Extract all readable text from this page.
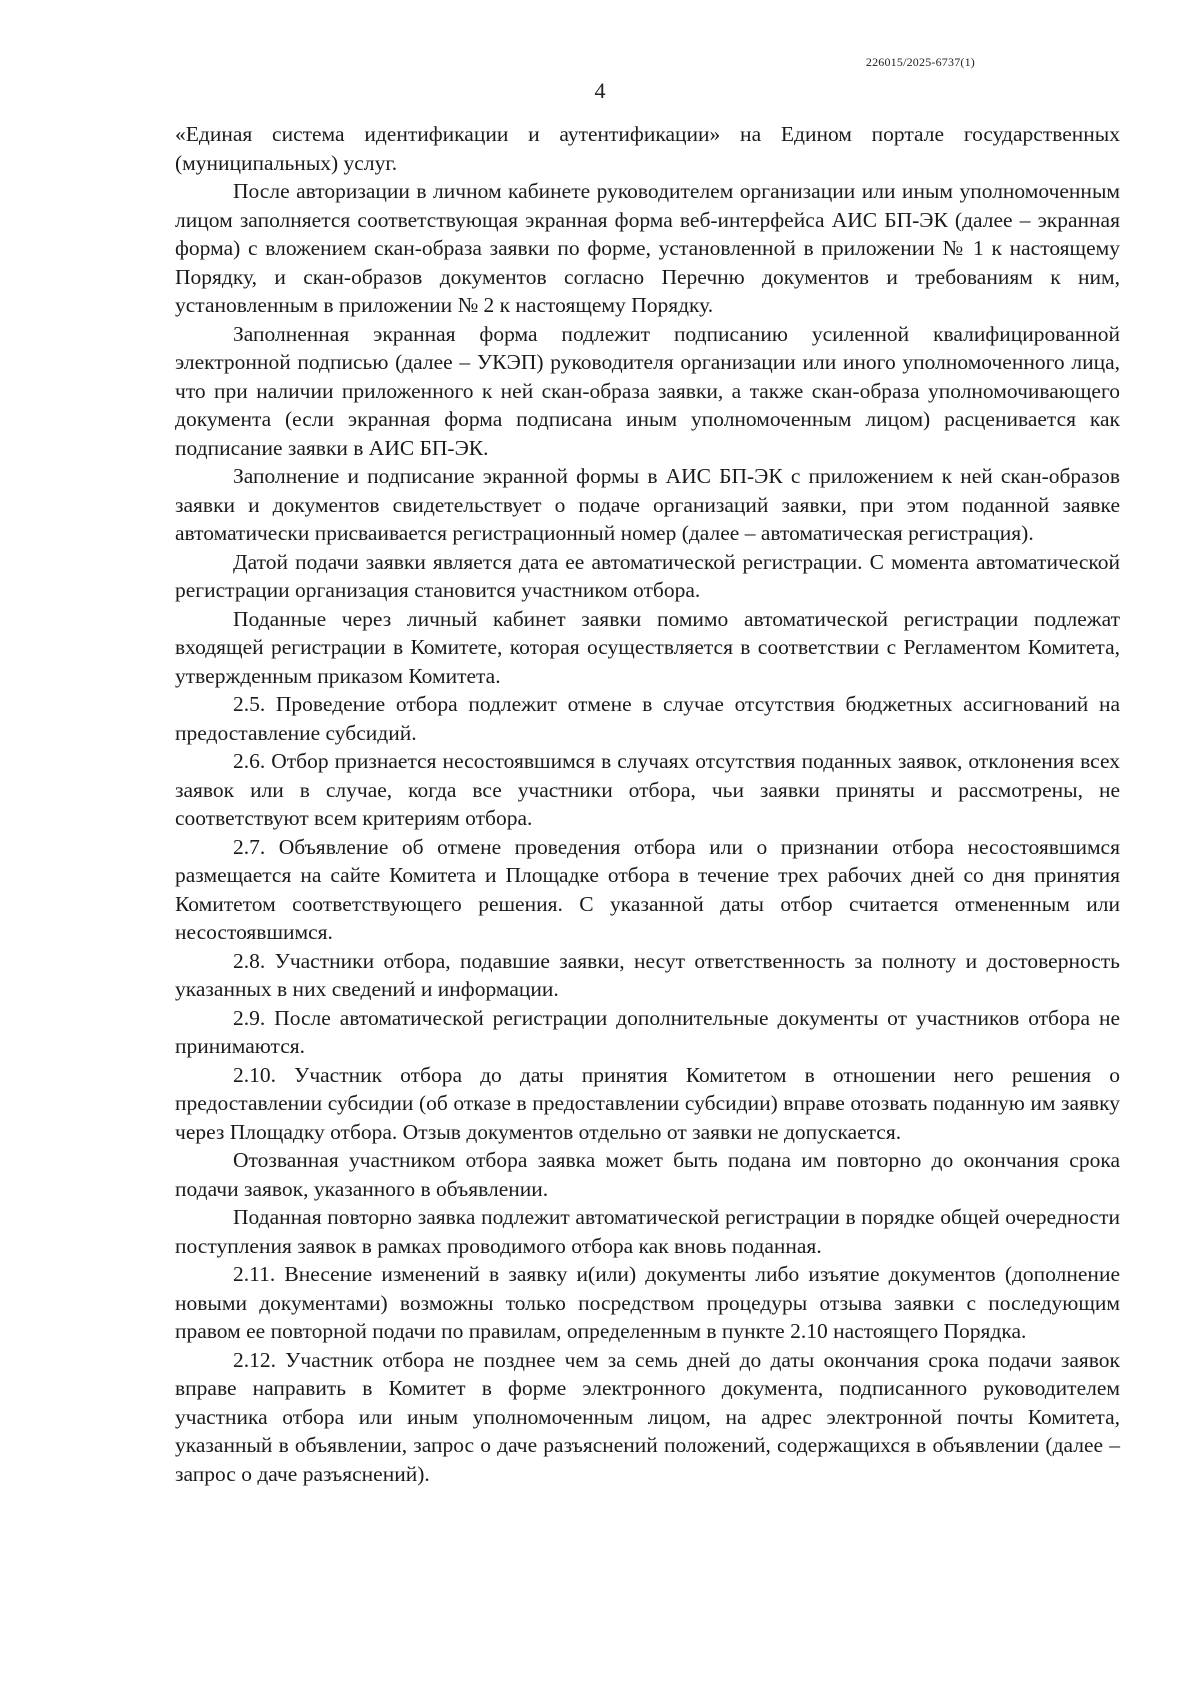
226015/2025-6737(1)
4

«Единая система идентификации и аутентификации» на Едином портале государственных (муниципальных) услуг.

После авторизации в личном кабинете руководителем организации или иным уполномоченным лицом заполняется соответствующая экранная форма веб-интерфейса АИС БП-ЭК (далее – экранная форма) с вложением скан-образа заявки по форме, установленной в приложении № 1 к настоящему Порядку, и скан-образов документов согласно Перечню документов и требованиям к ним, установленным в приложении № 2 к настоящему Порядку.

Заполненная экранная форма подлежит подписанию усиленной квалифицированной электронной подписью (далее – УКЭП) руководителя организации или иного уполномоченного лица, что при наличии приложенного к ней скан-образа заявки, а также скан-образа уполномочивающего документа (если экранная форма подписана иным уполномоченным лицом) расценивается как подписание заявки в АИС БП-ЭК.

Заполнение и подписание экранной формы в АИС БП-ЭК с приложением к ней скан-образов заявки и документов свидетельствует о подаче организаций заявки, при этом поданной заявке автоматически присваивается регистрационный номер (далее – автоматическая регистрация).

Датой подачи заявки является дата ее автоматической регистрации. С момента автоматической регистрации организация становится участником отбора.

Поданные через личный кабинет заявки помимо автоматической регистрации подлежат входящей регистрации в Комитете, которая осуществляется в соответствии с Регламентом Комитета, утвержденным приказом Комитета.

2.5. Проведение отбора подлежит отмене в случае отсутствия бюджетных ассигнований на предоставление субсидий.

2.6. Отбор признается несостоявшимся в случаях отсутствия поданных заявок, отклонения всех заявок или в случае, когда все участники отбора, чьи заявки приняты и рассмотрены, не соответствуют всем критериям отбора.

2.7. Объявление об отмене проведения отбора или о признании отбора несостоявшимся размещается на сайте Комитета и Площадке отбора в течение трех рабочих дней со дня принятия Комитетом соответствующего решения. С указанной даты отбор считается отмененным или несостоявшимся.

2.8. Участники отбора, подавшие заявки, несут ответственность за полноту и достоверность указанных в них сведений и информации.

2.9. После автоматической регистрации дополнительные документы от участников отбора не принимаются.

2.10. Участник отбора до даты принятия Комитетом в отношении него решения о предоставлении субсидии (об отказе в предоставлении субсидии) вправе отозвать поданную им заявку через Площадку отбора. Отзыв документов отдельно от заявки не допускается.

Отозванная участником отбора заявка может быть подана им повторно до окончания срока подачи заявок, указанного в объявлении.

Поданная повторно заявка подлежит автоматической регистрации в порядке общей очередности поступления заявок в рамках проводимого отбора как вновь поданная.

2.11. Внесение изменений в заявку и(или) документы либо изъятие документов (дополнение новыми документами) возможны только посредством процедуры отзыва заявки с последующим правом ее повторной подачи по правилам, определенным в пункте 2.10 настоящего Порядка.

2.12. Участник отбора не позднее чем за семь дней до даты окончания срока подачи заявок вправе направить в Комитет в форме электронного документа, подписанного руководителем участника отбора или иным уполномоченным лицом, на адрес электронной почты Комитета, указанный в объявлении, запрос о даче разъяснений положений, содержащихся в объявлении (далее – запрос о даче разъяснений).
